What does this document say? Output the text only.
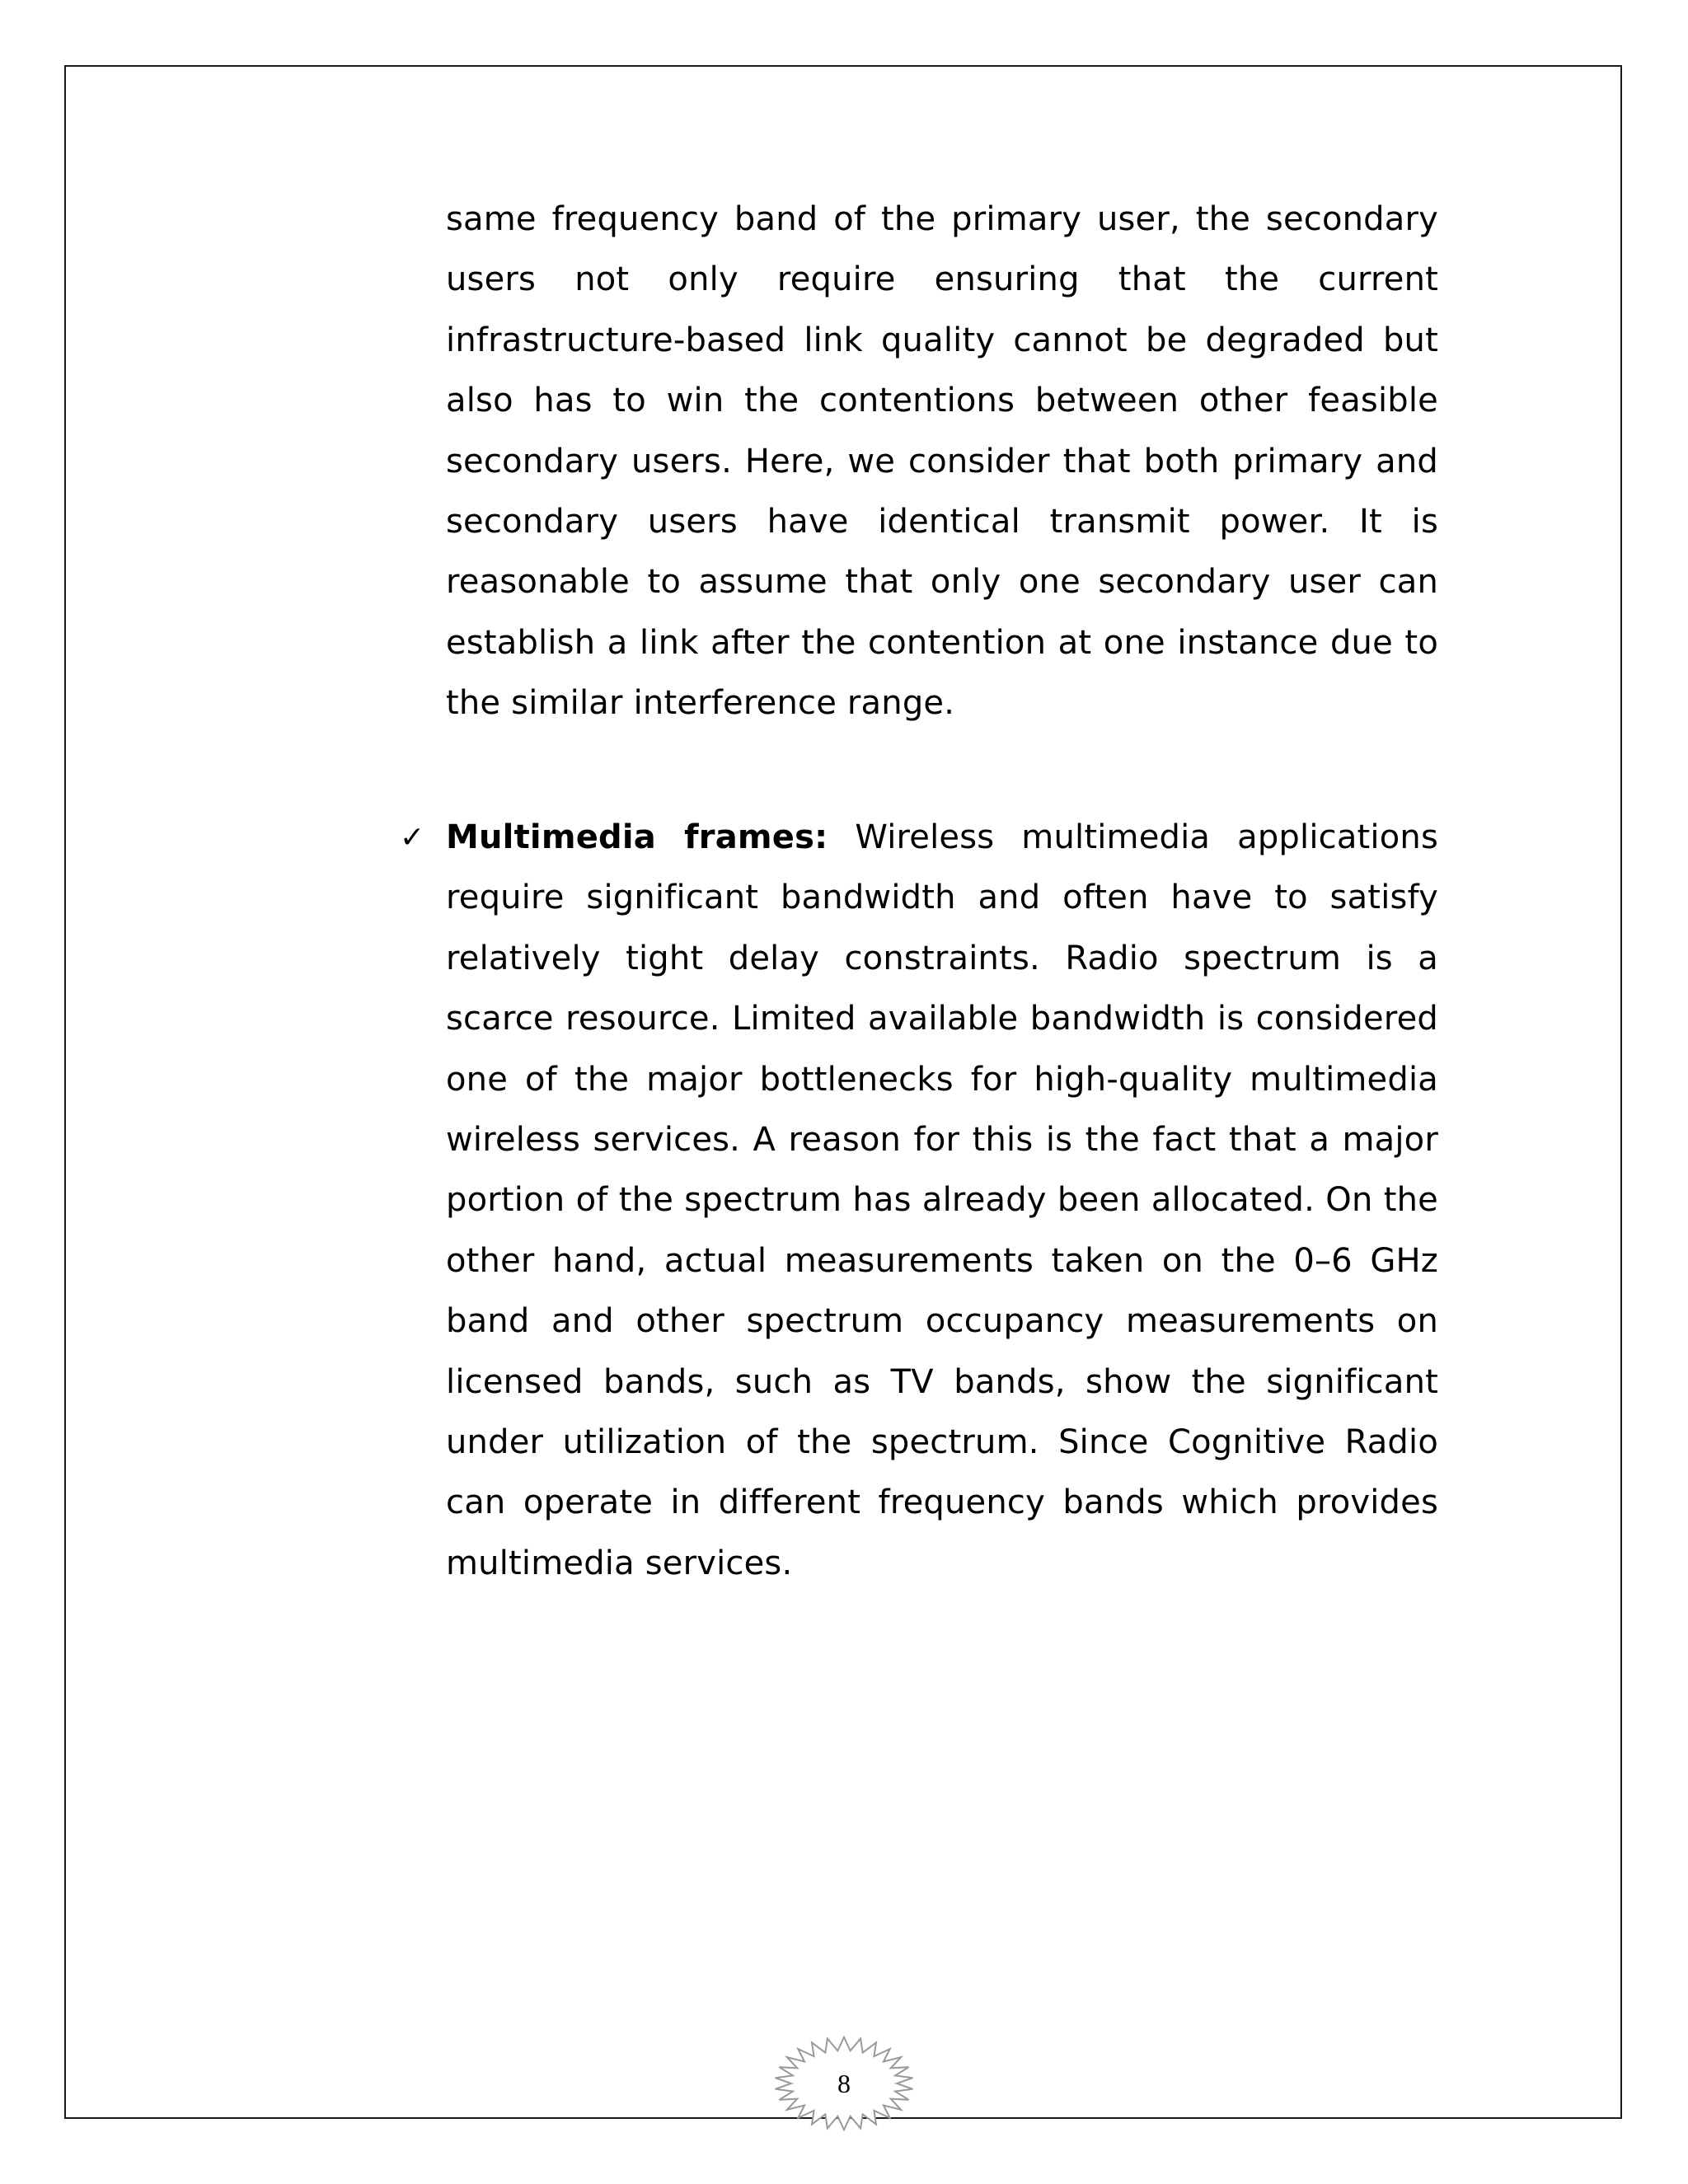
same frequency band of the primary user, the secondary users not only require ensuring that the current infrastructure-based link quality cannot be degraded but also has to win the contentions between other feasible secondary users. Here, we consider that both primary and secondary users have identical transmit power. It is reasonable to assume that only one secondary user can establish a link after the contention at one instance due to the similar interference range.

✓ Multimedia frames: Wireless multimedia applications require significant bandwidth and often have to satisfy relatively tight delay constraints. Radio spectrum is a scarce resource. Limited available bandwidth is considered one of the major bottlenecks for high-quality multimedia wireless services. A reason for this is the fact that a major portion of the spectrum has already been allocated. On the other hand, actual measurements taken on the 0–6 GHz band and other spectrum occupancy measurements on licensed bands, such as TV bands, show the significant under utilization of the spectrum. Since Cognitive Radio can operate in different frequency bands which provides multimedia services.

8
